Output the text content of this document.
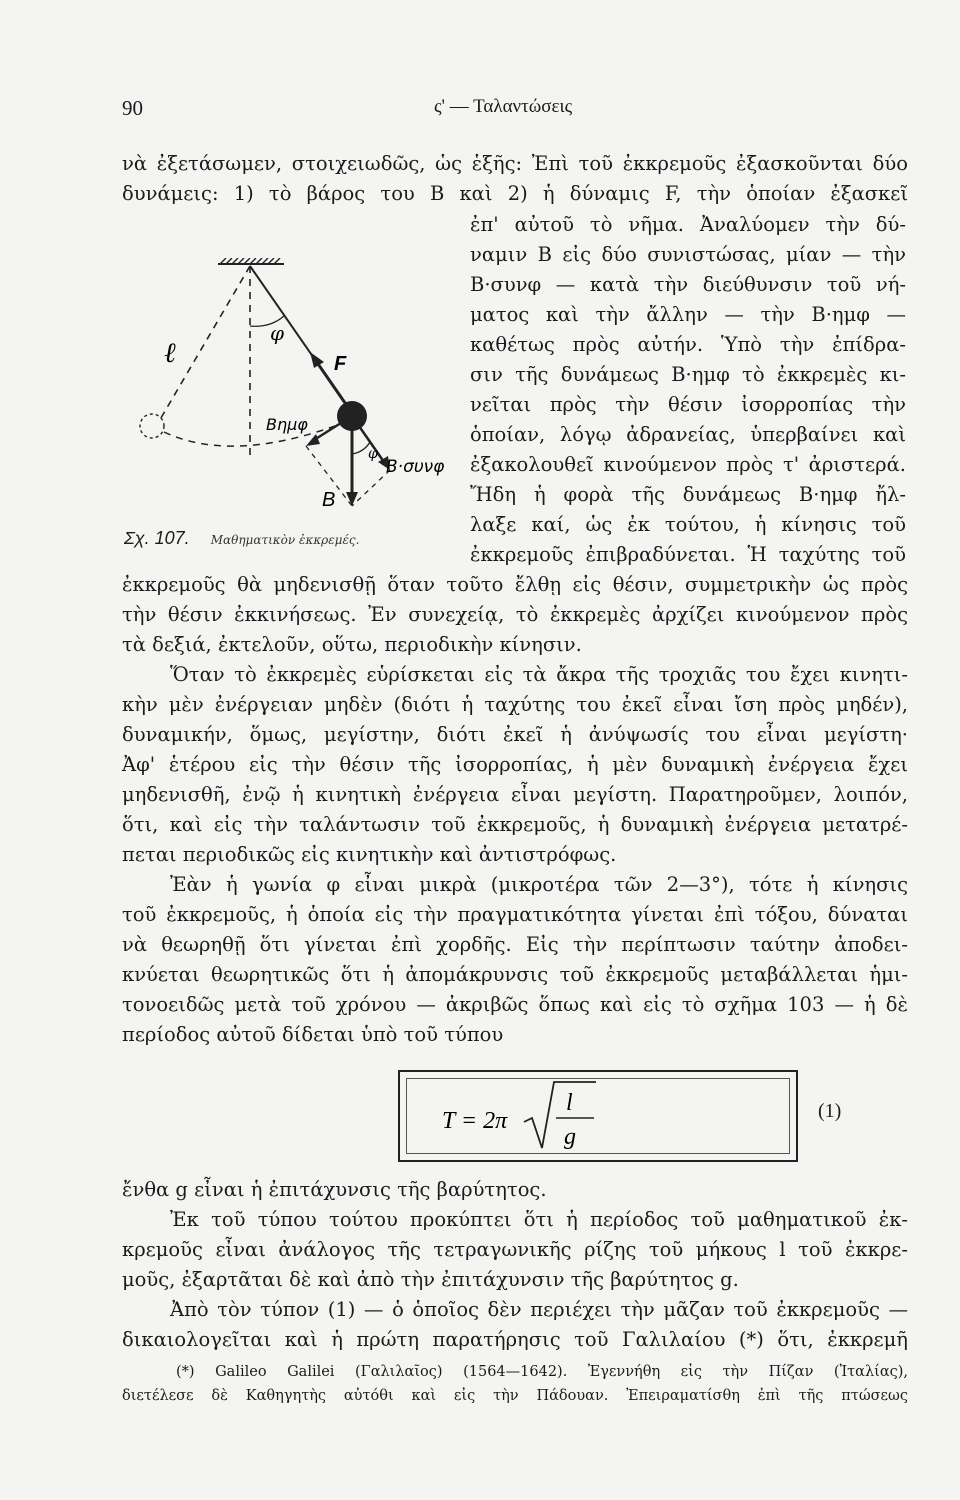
90	ς' — Ταλαντώσεις
νὰ ἐξετάσωμεν, στοιχειωδῶς, ὡς ἑξῆς: Ἐπὶ τοῦ ἐκκρεμοῦς ἐξασκοῦνται δύο
δυνάμεις: 1) τὸ βάρος του B καὶ 2) ἡ δύναμις F, τὴν ὁποίαν ἐξασκεῖ
ἐπ' αὐτοῦ τὸ νῆμα. Ἀναλύομεν τὴν δύ-
ναμιν B εἰς δύο συνιστώσας, μίαν — τὴν
B·συνφ — κατὰ τὴν διεύθυνσιν τοῦ νή-
ματος καὶ τὴν ἄλλην — τὴν B·ημφ —
καθέτως πρὸς αὐτήν. Ὑπὸ τὴν ἐπίδρα-
σιν τῆς δυνάμεως B·ημφ τὸ ἐκκρεμὲς κι-
νεῖται πρὸς τὴν θέσιν ἰσορροπίας τὴν
ὁποίαν, λόγῳ ἀδρανείας, ὑπερβαίνει καὶ
ἐξακολουθεῖ κινούμενον πρὸς τ' ἀριστερά.
Ἤδη ἡ φορὰ τῆς δυνάμεως B·ημφ ἤλ-
λαξε καί, ὡς ἐκ τούτου, ἡ κίνησις τοῦ
ἐκκρεμοῦς ἐπιβραδύνεται. Ἡ ταχύτης τοῦ
ℓ
φ
F
Bημφ
φ
B·συνφ
B
Σχ. 107. Μαθηματικὸν ἐκκρεμές.
ἐκκρεμοῦς θὰ μηδενισθῇ ὅταν τοῦτο ἔλθῃ εἰς θέσιν, συμμετρικὴν ὡς πρὸς
τὴν θέσιν ἐκκινήσεως. Ἐν συνεχείᾳ, τὸ ἐκκρεμὲς ἀρχίζει κινούμενον πρὸς
τὰ δεξιά, ἐκτελοῦν, οὕτω, περιοδικὴν κίνησιν.
Ὅταν τὸ ἐκκρεμὲς εὑρίσκεται εἰς τὰ ἄκρα τῆς τροχιᾶς του ἔχει κινητι-
κὴν μὲν ἐνέργειαν μηδὲν (διότι ἡ ταχύτης του ἐκεῖ εἶναι ἴση πρὸς μηδέν),
δυναμικήν, ὅμως, μεγίστην, διότι ἐκεῖ ἡ ἀνύψωσίς του εἶναι μεγίστη·
Ἀφ' ἑτέρου εἰς τὴν θέσιν τῆς ἰσορροπίας, ἡ μὲν δυναμικὴ ἐνέργεια ἔχει
μηδενισθῆ, ἐνῷ ἡ κινητικὴ ἐνέργεια εἶναι μεγίστη. Παρατηροῦμεν, λοιπόν,
ὅτι, καὶ εἰς τὴν ταλάντωσιν τοῦ ἐκκρεμοῦς, ἡ δυναμικὴ ἐνέργεια μετατρέ-
πεται περιοδικῶς εἰς κινητικὴν καὶ ἀντιστρόφως.
Ἐὰν ἡ γωνία φ εἶναι μικρὰ (μικροτέρα τῶν 2—3°), τότε ἡ κίνησις
τοῦ ἐκκρεμοῦς, ἡ ὁποία εἰς τὴν πραγματικότητα γίνεται ἐπὶ τόξου, δύναται
νὰ θεωρηθῇ ὅτι γίνεται ἐπὶ χορδῆς. Εἰς τὴν περίπτωσιν ταύτην ἀποδει-
κνύεται θεωρητικῶς ὅτι ἡ ἀπομάκρυνσις τοῦ ἐκκρεμοῦς μεταβάλλεται ἡμι-
τονοειδῶς μετὰ τοῦ χρόνου — ἀκριβῶς ὅπως καὶ εἰς τὸ σχῆμα 103 — ἡ δὲ
περίοδος αὐτοῦ δίδεται ὑπὸ τοῦ τύπου
T = 2π
l
g
(1)
ἔνθα g εἶναι ἡ ἐπιτάχυνσις τῆς βαρύτητος.
Ἐκ τοῦ τύπου τούτου προκύπτει ὅτι ἡ περίοδος τοῦ μαθηματικοῦ ἐκ-
κρεμοῦς εἶναι ἀνάλογος τῆς τετραγωνικῆς ρίζης τοῦ μήκους l τοῦ ἐκκρε-
μοῦς, ἐξαρτᾶται δὲ καὶ ἀπὸ τὴν ἐπιτάχυνσιν τῆς βαρύτητος g.
Ἀπὸ τὸν τύπον (1) — ὁ ὁποῖος δὲν περιέχει τὴν μᾶζαν τοῦ ἐκκρεμοῦς —
δικαιολογεῖται καὶ ἡ πρώτη παρατήρησις τοῦ Γαλιλαίου (*) ὅτι, ἐκκρεμῆ
(*) Galileo Galilei (Γαλιλαῖος) (1564—1642). Ἐγεννήθη εἰς τὴν Πίζαν (Ἰταλίας),
διετέλεσε δὲ Καθηγητὴς αὐτόθι καὶ εἰς τὴν Πάδουαν. Ἐπειραματίσθη ἐπὶ τῆς πτώσεως
